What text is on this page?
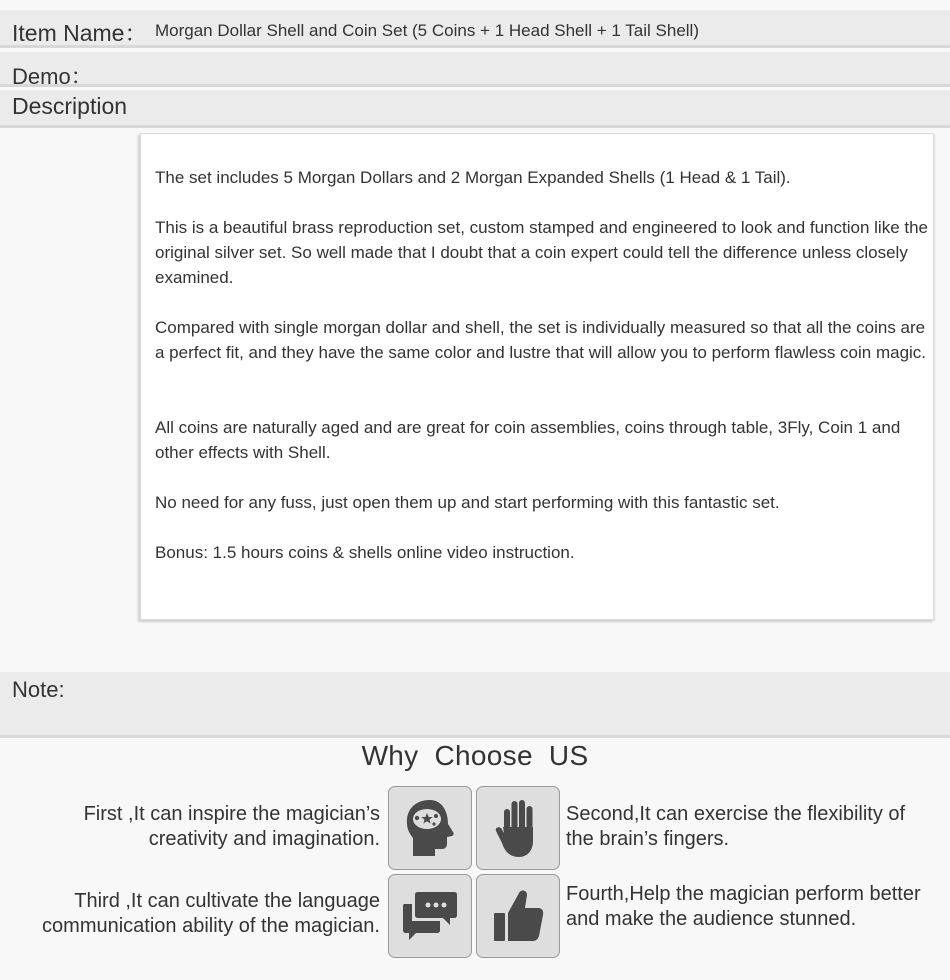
Item Name： Morgan Dollar Shell and Coin Set (5 Coins + 1 Head Shell + 1 Tail Shell)
Demo：
Description

The set includes 5 Morgan Dollars and 2 Morgan Expanded Shells (1 Head & 1 Tail).

This is a beautiful brass reproduction set, custom stamped and engineered to look and function like the original silver set. So well made that I doubt that a coin expert could tell the difference unless closely examined.

Compared with single morgan dollar and shell, the set is individually measured so that all the coins are a perfect fit, and they have the same color and lustre that will allow you to perform flawless coin magic.

All coins are naturally aged and are great for coin assemblies, coins through table, 3Fly, Coin 1 and other effects with Shell.

No need for any fuss, just open them up and start performing with this fantastic set.

Bonus: 1.5 hours coins & shells online video instruction.

Note:
Why Choose US

First ,It can inspire the magician’s creativity and imagination.

Second,It can exercise the flexibility of the brain’s fingers.

Third ,It can cultivate the language communication ability of the magician.

Fourth,Help the magician perform better and make the audience stunned.
